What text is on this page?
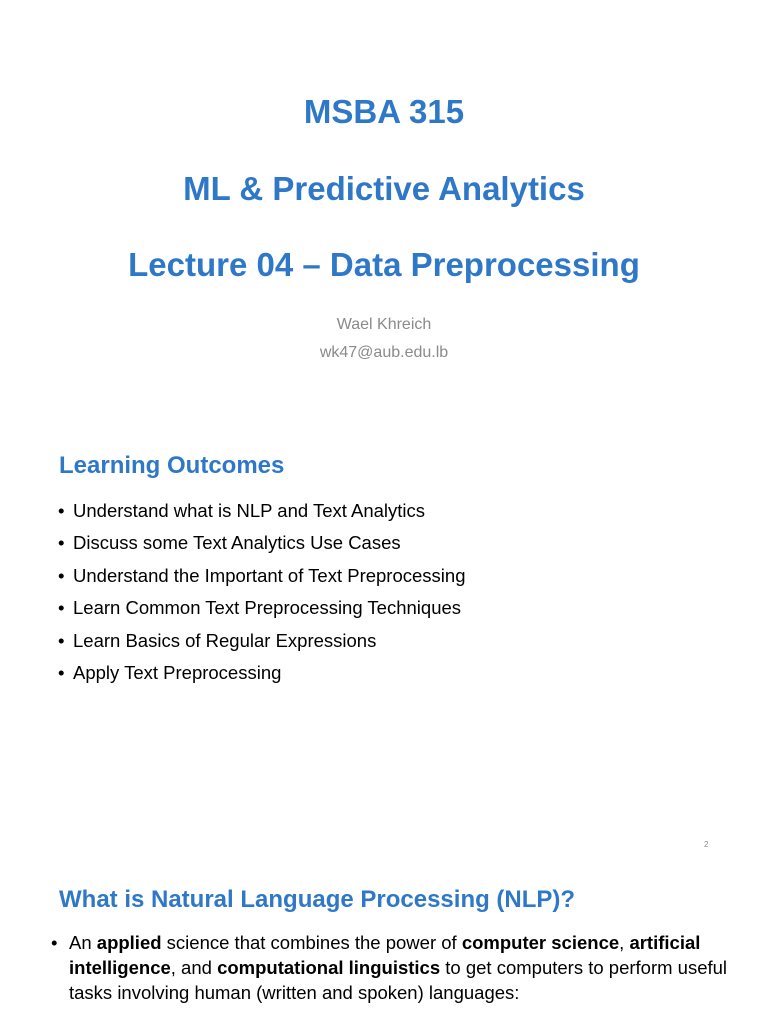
MSBA 315
ML & Predictive Analytics
Lecture 04 – Data Preprocessing
Wael Khreich
wk47@aub.edu.lb
Learning Outcomes
• Understand what is NLP and Text Analytics
• Discuss some Text Analytics Use Cases
• Understand the Important of Text Preprocessing
• Learn Common Text Preprocessing Techniques
• Learn Basics of Regular Expressions
• Apply Text Preprocessing
2
What is Natural Language Processing (NLP)?
• An applied science that combines the power of computer science, artificial intelligence, and computational linguistics to get computers to perform useful tasks involving human (written and spoken) languages:
